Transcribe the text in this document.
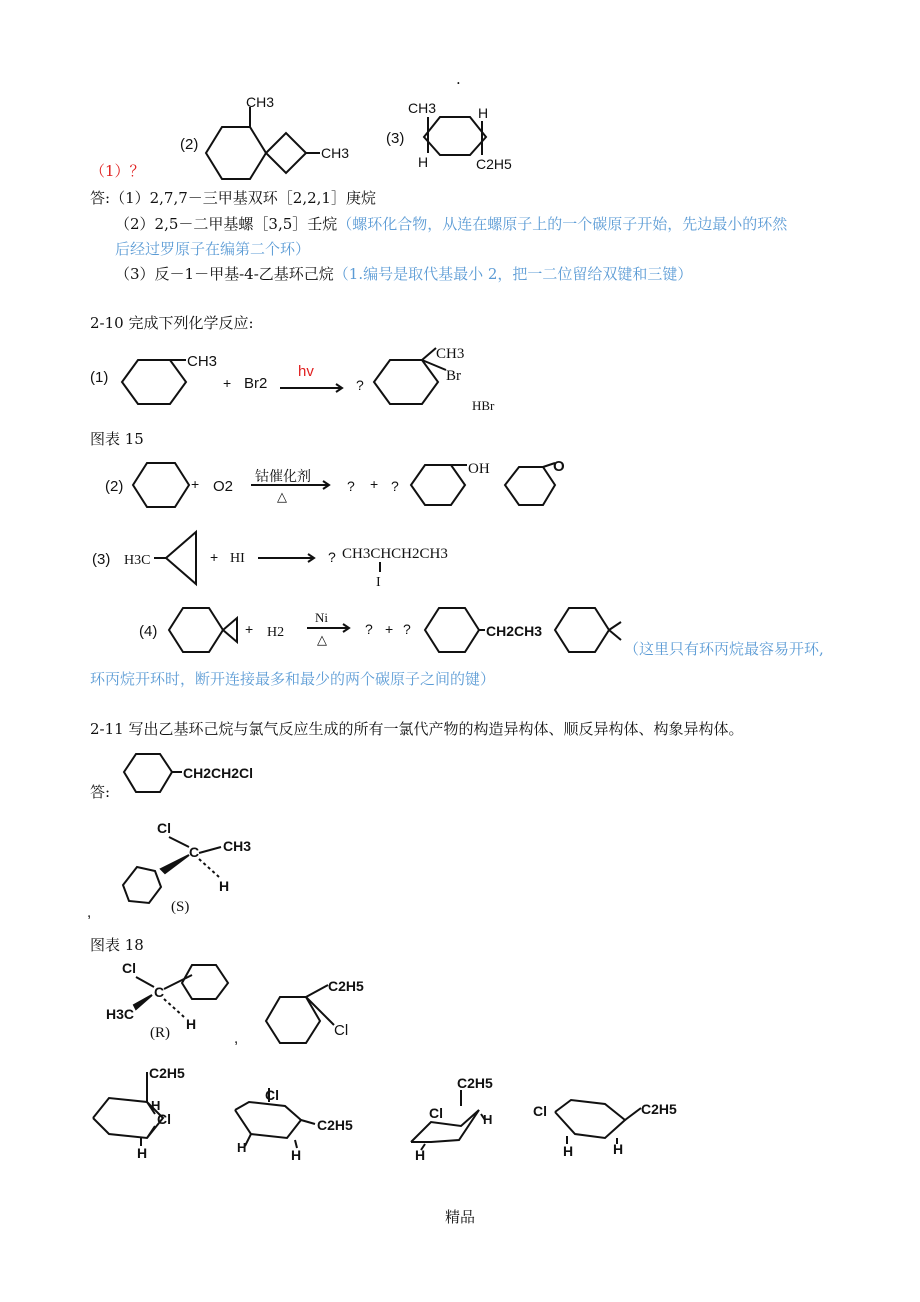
.
(2)
CH3
CH3
(3)
CH3	H
H	C2H5
（1）？
答:（1）2,7,7－三甲基双环［2,2,1］庚烷
（2）2,5－二甲基螺［3,5］壬烷（螺环化合物，从连在螺原子上的一个碳原子开始，先边最小的环然
后经过罗原子在编第二个环）
（3）反－1－甲基-4-乙基环己烷（1.编号是取代基最小 2，把一二位留给双键和三键）
2-10 完成下列化学反应:
(1)
CH3
+ Br2
hv
?
CH3
Br
HBr
图表 15
(2)	+ O2
钴催化剂
△
? + ?
OH	O
(3) H3C	+ HI	? CH3CHCH2CH3
I
(4)	+ H2
Ni
△
? + ?	CH2CH3
（这里只有环丙烷最容易开环,
环丙烷开环时，断开连接最多和最少的两个碳原子之间的键）
2-11 写出乙基环己烷与氯气反应生成的所有一氯代产物的构造异构体、顺反异构体、构象异构体。
答:
CH2CH2Cl
Cl
C CH3
H
(S)
,
图表 18
Cl
C
H3C
H
(R)	,
C2H5
Cl
C2H5
H
Cl
H
Cl
H
C2H5
H
C2H5
Cl	H
H
Cl	C2H5
H	H
精品
